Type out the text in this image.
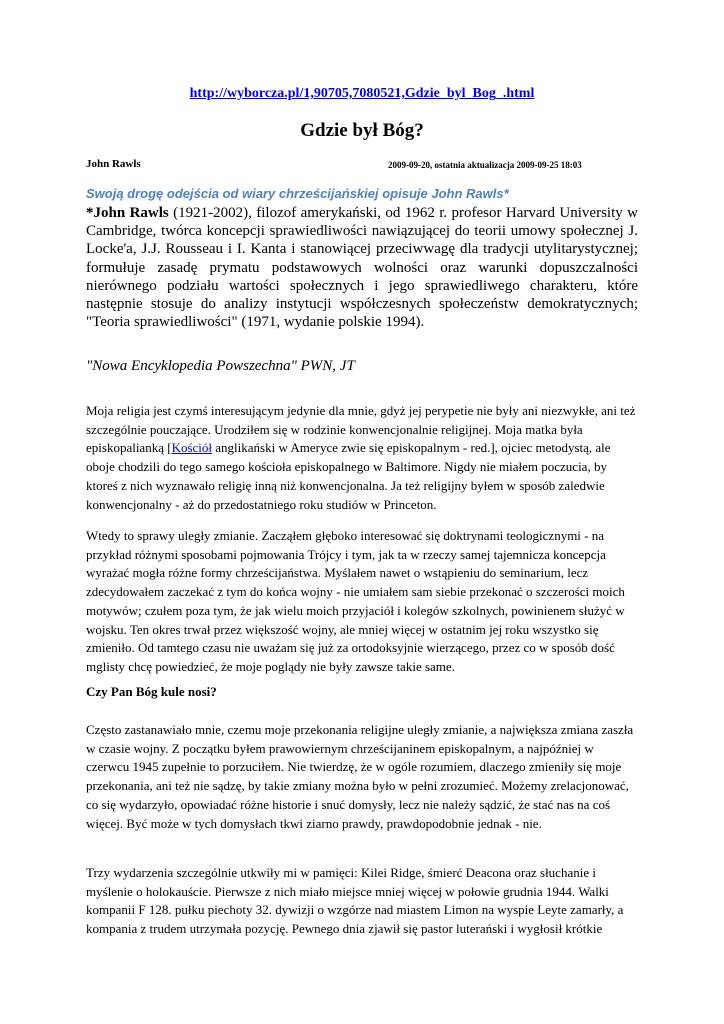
http://wyborcza.pl/1,90705,7080521,Gdzie_byl_Bog_.html
Gdzie był Bóg?
John Rawls	2009-09-20, ostatnia aktualizacja 2009-09-25 18:03
Swoją drogę odejścia od wiary chrześcijańskiej opisuje John Rawls*

*John Rawls (1921-2002), filozof amerykański, od 1962 r. profesor Harvard University w Cambridge, twórca koncepcji sprawiedliwości nawiązującej do teorii umowy społecznej J. Locke'a, J.J. Rousseau i I. Kanta i stanowiącej przeciwwagę dla tradycji utylitarystycznej; formułuje zasadę prymatu podstawowych wolności oraz warunki dopuszczalności nierównego podziału wartości społecznych i jego sprawiedliwego charakteru, które następnie stosuje do analizy instytucji współczesnych społeczeństw demokratycznych; "Teoria sprawiedliwości" (1971, wydanie polskie 1994).

"Nowa Encyklopedia Powszechna" PWN, JT

Moja religia jest czymś interesującym jedynie dla mnie, gdyż jej perypetie nie były ani niezwykłe, ani też szczególnie pouczające. Urodziłem się w rodzinie konwencjonalnie religijnej. Moja matka była episkopalianką [Kościół anglikański w Ameryce zwie się episkopalnym - red.], ojciec metodystą, ale oboje chodzili do tego samego kościoła episkopalnego w Baltimore. Nigdy nie miałem poczucia, by ktoreś z nich wyznawało religię inną niż konwencjonalna. Ja też religijny byłem w sposób zaledwie konwencjonalny - aż do przedostatniego roku studiów w Princeton.

Wtedy to sprawy uległy zmianie. Zacząłem głęboko interesować się doktrynami teologicznymi - na przykład różnymi sposobami pojmowania Trójcy i tym, jak ta w rzeczy samej tajemnicza koncepcja wyrażać mogła różne formy chrześcijaństwa. Myślałem nawet o wstąpieniu do seminarium, lecz zdecydowałem zaczekać z tym do końca wojny - nie umiałem sam siebie przekonać o szczerości moich motywów; czułem poza tym, że jak wielu moich przyjaciół i kolegów szkolnych, powinienem służyć w wojsku. Ten okres trwał przez większość wojny, ale mniej więcej w ostatnim jej roku wszystko się zmieniło. Od tamtego czasu nie uważam się już za ortodoksyjnie wierzącego, przez co w sposób dość mglisty chcę powiedzieć, że moje poglądy nie były zawsze takie same.

Czy Pan Bóg kule nosi?

Często zastanawiało mnie, czemu moje przekonania religijne uległy zmianie, a największa zmiana zaszła w czasie wojny. Z początku byłem prawowiernym chrześcijaninem episkopalnym, a najpóźniej w czerwcu 1945 zupełnie to porzuciłem. Nie twierdzę, że w ogóle rozumiem, dlaczego zmieniły się moje przekonania, ani też nie sądzę, by takie zmiany można było w pełni zrozumieć. Możemy zrelacjonować, co się wydarzyło, opowiadać różne historie i snuć domysły, lecz nie należy sądzić, że stać nas na coś więcej. Być może w tych domysłach tkwi ziarno prawdy, prawdopodobnie jednak - nie.

Trzy wydarzenia szczególnie utkwiły mi w pamięci: Kilei Ridge, śmierć Deacona oraz słuchanie i myślenie o holokauście. Pierwsze z nich miało miejsce mniej więcej w połowie grudnia 1944. Walki kompanii F 128. pułku piechoty 32. dywizji o wzgórze nad miastem Limon na wyspie Leyte zamarły, a kompania z trudem utrzymała pozycję. Pewnego dnia zjawił się pastor luterański i wygłosił krótkie
